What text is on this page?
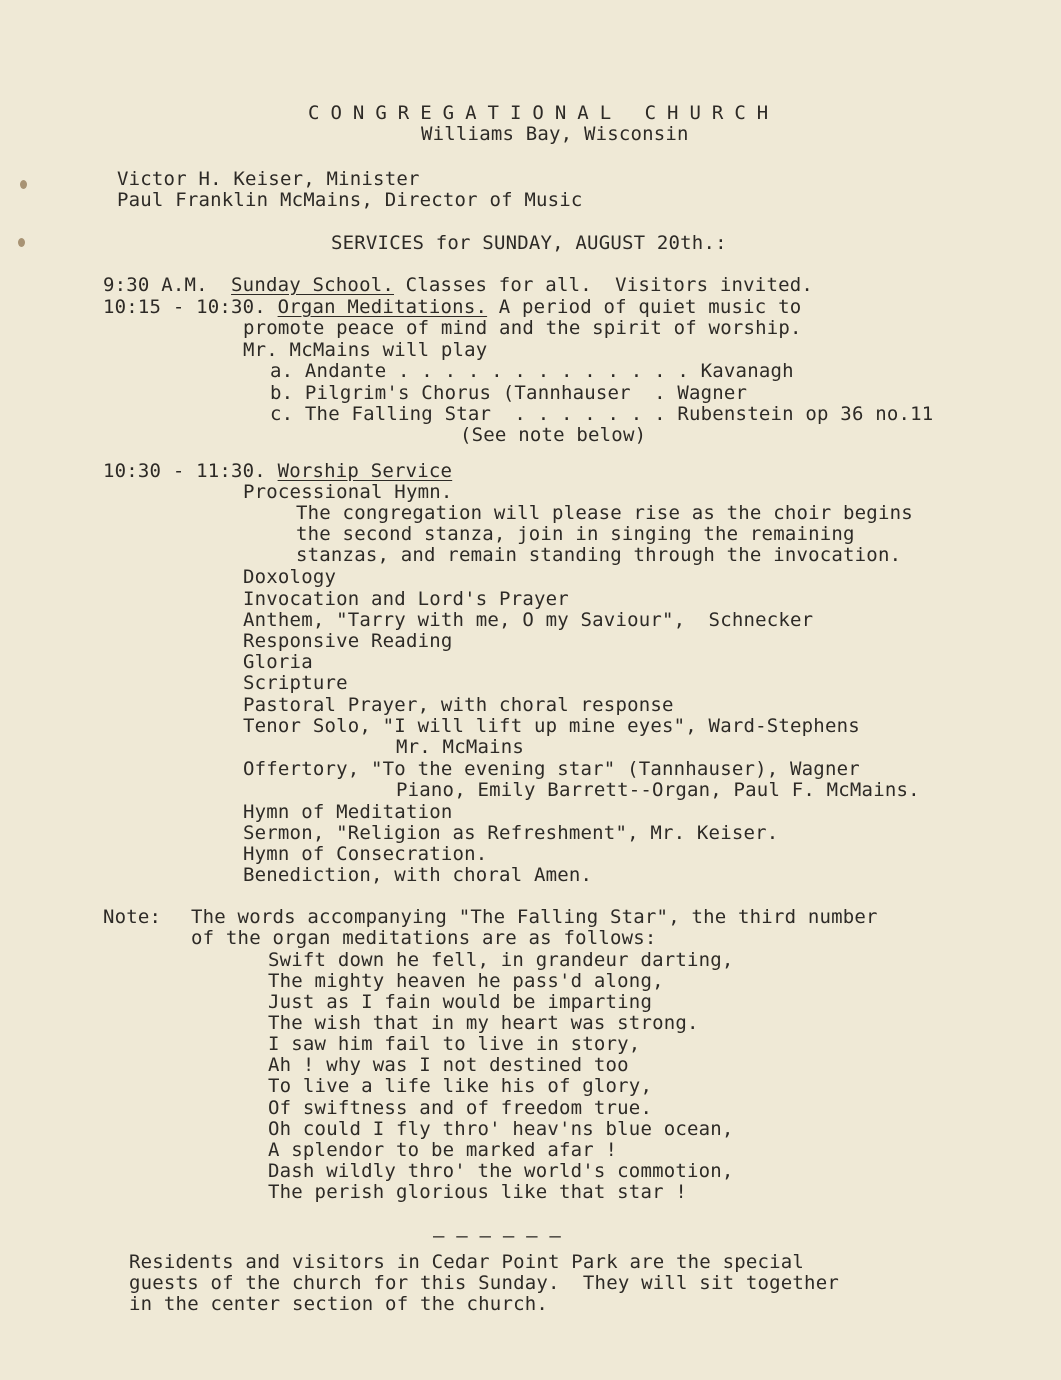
CONGREGATIONAL CHURCH
Williams Bay, Wisconsin
Victor H. Keiser, Minister
Paul Franklin McMains, Director of Music
SERVICES for SUNDAY, AUGUST 20th.:
9:30 A.M. Sunday School. Classes for all.  Visitors invited.
10:15 - 10:30. Organ Meditations. A period of quiet music to
promote peace of mind and the spirit of worship.
Mr. McMains will play
a. Andante . . . . . . . . . . . . . Kavanagh
b. Pilgrim's Chorus (Tannhauser  . Wagner
c. The Falling Star  . . . . . . . Rubenstein op 36 no.11
(See note below)
10:30 - 11:30. Worship Service
Processional Hymn.
The congregation will please rise as the choir begins
the second stanza, join in singing the remaining
stanzas, and remain standing through the invocation.
Doxology
Invocation and Lord's Prayer
Anthem, "Tarry with me, O my Saviour",  Schnecker
Responsive Reading
Gloria
Scripture
Pastoral Prayer, with choral response
Tenor Solo, "I will lift up mine eyes", Ward-Stephens
Mr. McMains
Offertory, "To the evening star" (Tannhauser), Wagner
Piano, Emily Barrett--Organ, Paul F. McMains.
Hymn of Meditation
Sermon, "Religion as Refreshment", Mr. Keiser.
Hymn of Consecration.
Benediction, with choral Amen.
Note: The words accompanying "The Falling Star", the third number
of the organ meditations are as follows:
Swift down he fell, in grandeur darting,
The mighty heaven he pass'd along,
Just as I fain would be imparting
The wish that in my heart was strong.
I saw him fail to live in story,
Ah ! why was I not destined too
To live a life like his of glory,
Of swiftness and of freedom true.
Oh could I fly thro' heav'ns blue ocean,
A splendor to be marked afar !
Dash wildly thro' the world's commotion,
The perish glorious like that star !
— — — — — —
Residents and visitors in Cedar Point Park are the special
guests of the church for this Sunday.  They will sit together
in the center section of the church.
